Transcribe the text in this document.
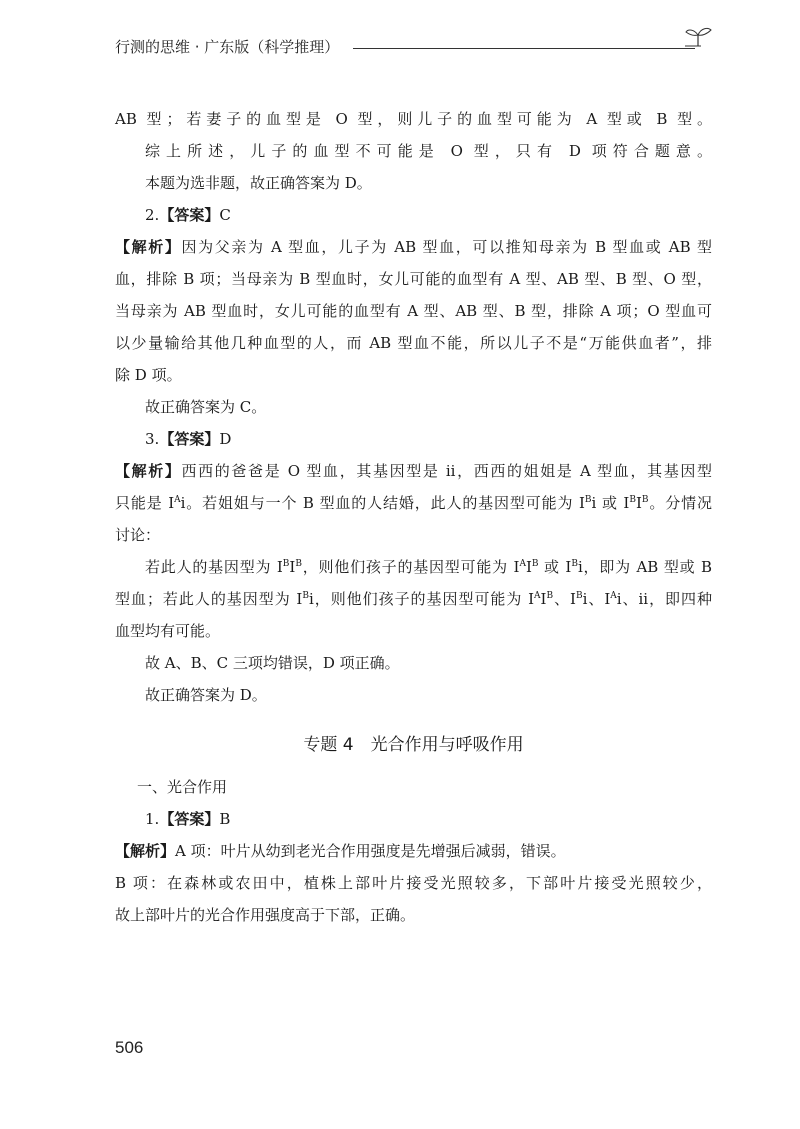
行测的思维 · 广东版（科学推理）
AB 型；若妻子的血型是 O 型，则儿子的血型可能为 A 型或 B 型。
综上所述，儿子的血型不可能是 O 型，只有 D 项符合题意。
本题为选非题，故正确答案为 D。
2.【答案】C
【解析】因为父亲为 A 型血，儿子为 AB 型血，可以推知母亲为 B 型血或 AB 型
血，排除 B 项；当母亲为 B 型血时，女儿可能的血型有 A 型、AB 型、B 型、O 型，
当母亲为 AB 型血时，女儿可能的血型有 A 型、AB 型、B 型，排除 A 项；O 型血可
以少量输给其他几种血型的人，而 AB 型血不能，所以儿子不是“万能供血者”，排
除 D 项。
故正确答案为 C。
3.【答案】D
【解析】西西的爸爸是 O 型血，其基因型是 ii，西西的姐姐是 A 型血，其基因型
只能是 $I^Ai$。若姐姐与一个 B 型血的人结婚，此人的基因型可能为 $I^Bi$ 或 $I^BI^B$。分情况
讨论：
若此人的基因型为 $I^BI^B$，则他们孩子的基因型可能为 $I^AI^B$ 或 $I^Bi$，即为 AB 型或 B
型血；若此人的基因型为 $I^Bi$，则他们孩子的基因型可能为 $I^AI^B$、$I^Bi$、$I^Ai$、ii，即四种
血型均有可能。
故 A、B、C 三项均错误，D 项正确。
故正确答案为 D。
专题 4　光合作用与呼吸作用
一、光合作用
1.【答案】B
【解析】A 项：叶片从幼到老光合作用强度是先增强后减弱，错误。
B 项：在森林或农田中，植株上部叶片接受光照较多，下部叶片接受光照较少，
故上部叶片的光合作用强度高于下部，正确。
506
